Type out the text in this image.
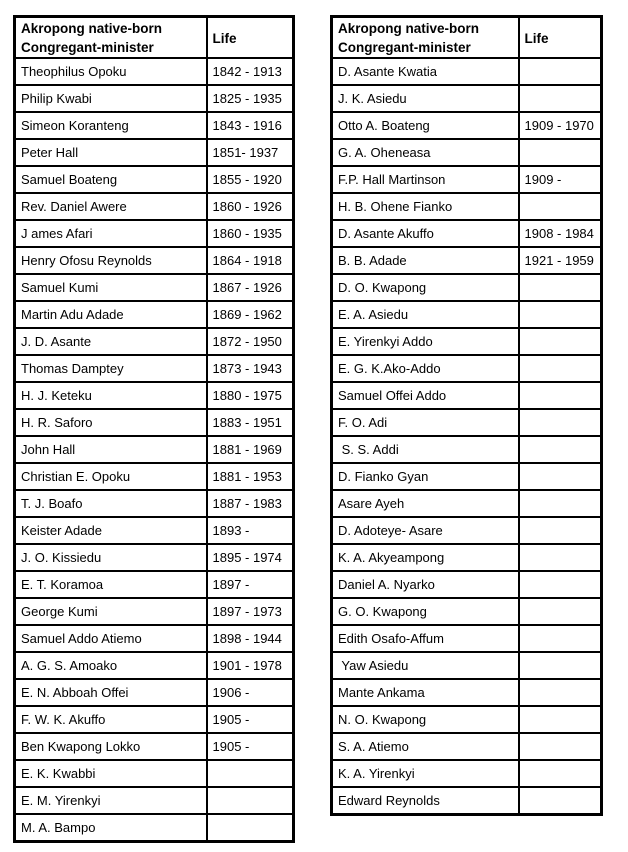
Akropong native-born
Congregant-minister	Life
Theophilus Opoku	1842 - 1913
Philip Kwabi	1825 - 1935
Simeon Koranteng	1843 - 1916
Peter Hall	1851- 1937
Samuel Boateng	1855 - 1920
Rev. Daniel Awere	1860 - 1926
J ames Afari	1860 - 1935
Henry Ofosu Reynolds	1864 - 1918
Samuel Kumi	1867 - 1926
Martin Adu Adade	1869 - 1962
J. D. Asante	1872 - 1950
Thomas Damptey	1873 - 1943
H. J. Keteku	1880 - 1975
H. R. Saforo	1883 - 1951
John Hall	1881 - 1969
Christian E. Opoku	1881 - 1953
T. J. Boafo	1887 - 1983
Keister Adade	1893 -
J. O. Kissiedu	1895 - 1974
E. T. Koramoa	1897 -
George Kumi	1897 - 1973
Samuel Addo Atiemo	1898 - 1944
A. G. S. Amoako	1901 - 1978
E. N. Abboah Offei	1906 -
F. W. K. Akuffo	1905 -
Ben Kwapong Lokko	1905 -
E. K. Kwabbi	
E. M. Yirenkyi	
M. A. Bampo	
Akropong native-born
Congregant-minister	Life
D. Asante Kwatia	
J. K. Asiedu	
Otto A. Boateng	1909 - 1970
G. A. Oheneasa	
F.P. Hall Martinson	1909 -
H. B. Ohene Fianko	
D. Asante Akuffo	1908 - 1984
B. B. Adade	1921 - 1959
D. O. Kwapong	
E. A. Asiedu	
E. Yirenkyi Addo	
E. G. K.Ako-Addo	
Samuel Offei Addo	
F. O. Adi	
S. S. Addi	
D. Fianko Gyan	
Asare Ayeh	
D. Adoteye- Asare	
K. A. Akyeampong	
Daniel A. Nyarko	
G. O. Kwapong	
Edith Osafo-Affum	
Yaw Asiedu	
Mante Ankama	
N. O. Kwapong	
S. A. Atiemo	
K. A. Yirenkyi	
Edward Reynolds	
